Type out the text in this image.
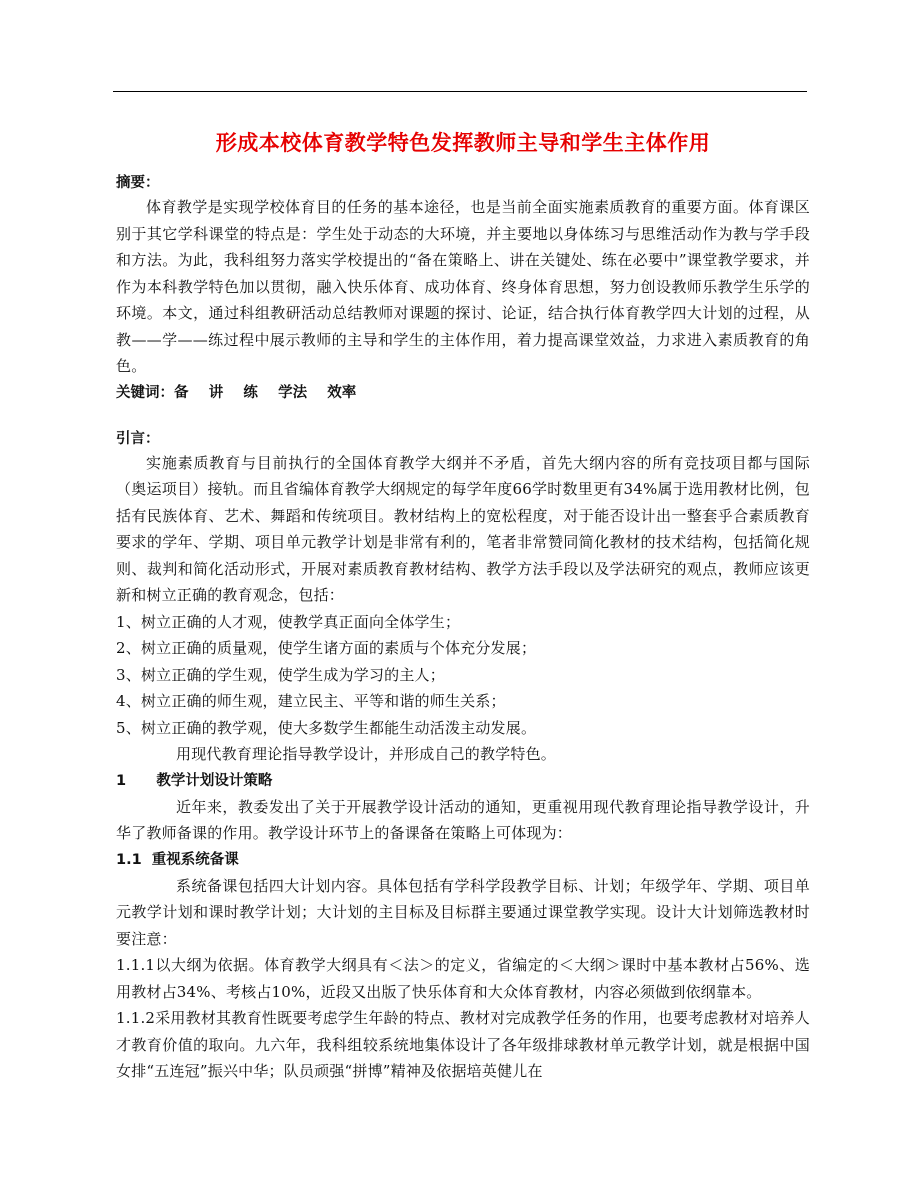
形成本校体育教学特色发挥教师主导和学生主体作用
摘要：

体育教学是实现学校体育目的任务的基本途径，也是当前全面实施素质教育的重要方面。体育课区别于其它学科课堂的特点是：学生处于动态的大环境，并主要地以身体练习与思维活动作为教与学手段和方法。为此，我科组努力落实学校提出的“备在策略上、讲在关键处、练在必要中”课堂教学要求，并作为本科教学特色加以贯彻，融入快乐体育、成功体育、终身体育思想，努力创设教师乐教学生乐学的环境。本文，通过科组教研活动总结教师对课题的探讨、论证，结合执行体育教学四大计划的过程，从教——学——练过程中展示教师的主导和学生的主体作用，着力提高课堂效益，力求进入素质教育的角色。

关键词：备    讲    练    学法    效率
引言：

实施素质教育与目前执行的全国体育教学大纲并不矛盾，首先大纲内容的所有竞技项目都与国际（奥运项目）接轨。而且省编体育教学大纲规定的每学年度66学时数里更有34%属于选用教材比例，包括有民族体育、艺术、舞蹈和传统项目。教材结构上的宽松程度，对于能否设计出一整套乎合素质教育要求的学年、学期、项目单元教学计划是非常有利的，笔者非常赞同简化教材的技术结构，包括简化规则、裁判和简化活动形式，开展对素质教育教材结构、教学方法手段以及学法研究的观点，教师应该更新和树立正确的教育观念，包括：

1、树立正确的人才观，使教学真正面向全体学生；

2、树立正确的质量观，使学生诸方面的素质与个体充分发展；

3、树立正确的学生观，使学生成为学习的主人；

4、树立正确的师生观，建立民主、平等和谐的师生关系；

5、树立正确的教学观，使大多数学生都能生动活泼主动发展。

用现代教育理论指导教学设计，并形成自己的教学特色。

1      教学计划设计策略

近年来，教委发出了关于开展教学设计活动的通知，更重视用现代教育理论指导教学设计，升华了教师备课的作用。教学设计环节上的备课备在策略上可体现为：

1.1  重视系统备课

系统备课包括四大计划内容。具体包括有学科学段教学目标、计划；年级学年、学期、项目单元教学计划和课时教学计划；大计划的主目标及目标群主要通过课堂教学实现。设计大计划筛选教材时要注意：

1.1.1以大纲为依据。体育教学大纲具有＜法＞的定义，省编定的＜大纲＞课时中基本教材占56%、选用教材占34%、考核占10%，近段又出版了快乐体育和大众体育教材，内容必须做到依纲靠本。

1.1.2采用教材其教育性既要考虑学生年龄的特点、教材对完成教学任务的作用，也要考虑教材对培养人才教育价值的取向。九六年，我科组较系统地集体设计了各年级排球教材单元教学计划，就是根据中国女排“五连冠”振兴中华；队员顽强“拼博”精神及依据培英健儿在
